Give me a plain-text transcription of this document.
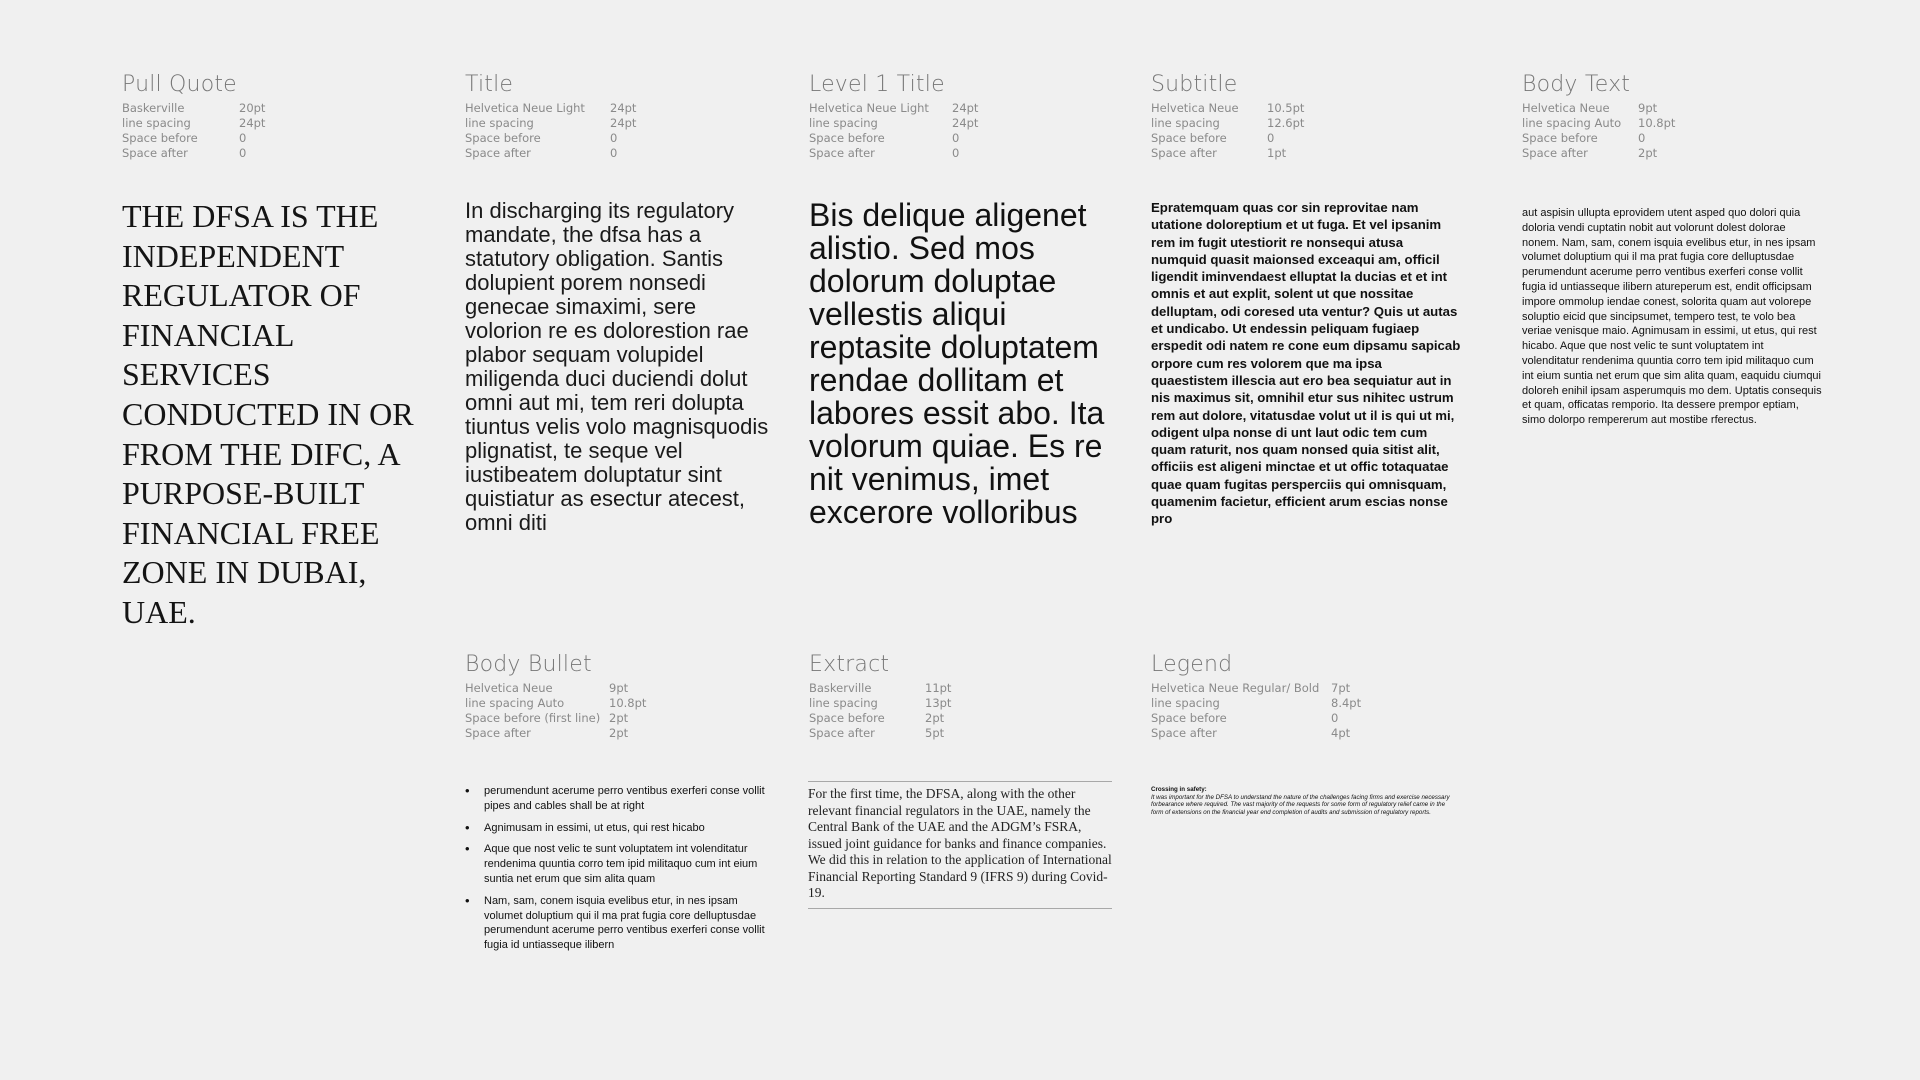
Pull Quote
Baskerville	20pt
line spacing	24pt
Space before	0
Space after	0
THE DFSA IS THE INDEPENDENT REGULATOR OF FINANCIAL SERVICES CONDUCTED IN OR FROM THE DIFC, A PURPOSE-BUILT FINANCIAL FREE ZONE IN DUBAI, UAE.
Title
Helvetica Neue Light	24pt
line spacing	24pt
Space before	0
Space after	0
In discharging its regulatory mandate, the dfsa has a statutory obligation. Santis dolupient porem nonsedi genecae simaximi, sere volorion re es dolorestion rae plabor sequam volupidel miligenda duci duciendi dolut omni aut mi, tem reri dolupta tiuntus velis volo magnisquodis plignatist, te seque vel iustibeatem doluptatur sint quistiatur as esectur atecest, omni diti
Level 1 Title
Helvetica Neue Light	24pt
line spacing	24pt
Space before	0
Space after	0
Bis delique aligenet alistio. Sed mos dolorum doluptae vellestis aliqui reptasite doluptatem rendae dollitam et labores essit abo. Ita volorum quiae. Es re nit venimus, imet excerore volloribus
Subtitle
Helvetica Neue	10.5pt
line spacing	12.6pt
Space before	0
Space after	1pt
Epratemquam quas cor sin reprovitae nam utatione doloreptium et ut fuga. Et vel ipsanim rem im fugit utestiorit re nonsequi atusa numquid quasit maionsed exceaqui am, officil ligendit iminvendaest elluptat la ducias et et int omnis et aut explit, solent ut que nossitae delluptam, odi coresed uta ventur? Quis ut autas et undicabo. Ut endessin peliquam fugiaep erspedit odi natem re cone eum dipsamu sapicab orpore cum res volorem que ma ipsa quaestistem illescia aut ero bea sequiatur aut in nis maximus sit, omnihil etur sus nihitec ustrum rem aut dolore, vitatusdae volut ut il is qui ut mi, odigent ulpa nonse di unt laut odic tem cum quam raturit, nos quam nonsed quia sitist alit, officiis est aligeni minctae et ut offic totaquatae quae quam fugitas persperciis qui omnisquam, quamenim facietur, efficient arum escias nonse pro
Body Text
Helvetica Neue	9pt
line spacing Auto	10.8pt
Space before	0
Space after	2pt
aut aspisin ullupta eprovidem utent asped quo dolori quia doloria vendi cuptatin nobit aut volorunt dolest dolorae nonem. Nam, sam, conem isquia evelibus etur, in nes ipsam volumet doluptium qui il ma prat fugia core delluptusdae perumendunt acerume perro ventibus exerferi conse vollit fugia id untiasseque ilibern atureperum est, endit officipsam impore ommolup iendae conest, solorita quam aut volorepe soluptio eicid que sincipsumet, tempero test, te volo bea veriae venisque maio. Agnimusam in essimi, ut etus, qui rest hicabo. Aque que nost velic te sunt voluptatem int volenditatur rendenima quuntia corro tem ipid militaquo cum int eium suntia net erum que sim alita quam, eaquidu ciumqui doloreh enihil ipsam asperumquis mo dem. Uptatis consequis et quam, officatas remporio. Ita dessere prempor eptiam, simo dolorpo rempererum aut mostibe rferectus.
Body Bullet
Helvetica Neue	9pt
line spacing Auto	10.8pt
Space before (first line) 2pt
Space after	2pt
• perumendunt acerume perro ventibus exerferi conse vollit pipes and cables shall be at right
• Agnimusam in essimi, ut etus, qui rest hicabo
• Aque que nost velic te sunt voluptatem int volenditatur rendenima quuntia corro tem ipid militaquo cum int eium suntia net erum que sim alita quam
• Nam, sam, conem isquia evelibus etur, in nes ipsam volumet doluptium qui il ma prat fugia core delluptusdae perumendunt acerume perro ventibus exerferi conse vollit fugia id untiasseque ilibern
Extract
Baskerville	11pt
line spacing	13pt
Space before	2pt
Space after	5pt
For the first time, the DFSA, along with the other relevant financial regulators in the UAE, namely the Central Bank of the UAE and the ADGM’s FSRA, issued joint guidance for banks and finance companies. We did this in relation to the application of International Financial Reporting Standard 9 (IFRS 9) during Covid-19.
Legend
Helvetica Neue Regular/ Bold	7pt
line spacing	8.4pt
Space before	0
Space after	4pt
Crossing in safety:
It was important for the DFSA to understand the nature of the challenges facing firms and exercise necessary forbearance where required. The vast majority of the requests for some form of regulatory relief came in the form of extensions on the financial year end completion of audits and submission of regulatory reports.
